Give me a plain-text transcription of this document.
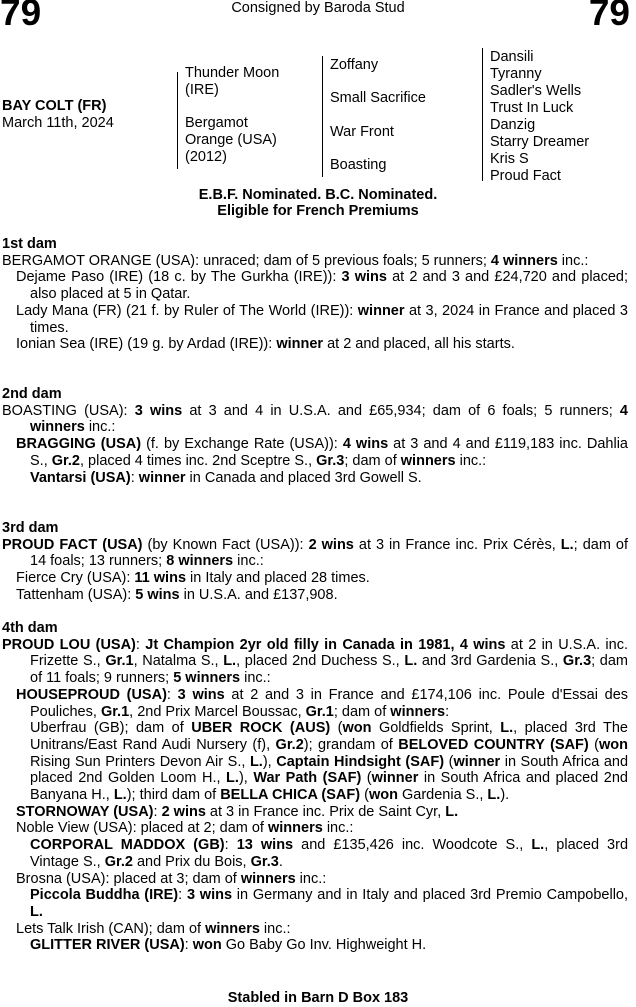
79	79
Consigned by Baroda Stud
BAY COLT (FR)
March 11th, 2024
Thunder Moon
(IRE)
Bergamot
Orange (USA)
(2012)
Zoffany
Small Sacrifice
War Front
Boasting
Dansili
Tyranny
Sadler's Wells
Trust In Luck
Danzig
Starry Dreamer
Kris S
Proud Fact
E.B.F. Nominated. B.C. Nominated.
Eligible for French Premiums
1st dam

BERGAMOT ORANGE (USA): unraced; dam of 5 previous foals; 5 runners; 4 winners inc.:

Dejame Paso (IRE) (18 c. by The Gurkha (IRE)): 3 wins at 2 and 3 and £24,720 and placed; also placed at 5 in Qatar.

Lady Mana (FR) (21 f. by Ruler of The World (IRE)): winner at 3, 2024 in France and placed 3 times.

Ionian Sea (IRE) (19 g. by Ardad (IRE)): winner at 2 and placed, all his starts.

2nd dam

BOASTING (USA): 3 wins at 3 and 4 in U.S.A. and £65,934; dam of 6 foals; 5 runners; 4 winners inc.:

BRAGGING (USA) (f. by Exchange Rate (USA)): 4 wins at 3 and 4 and £119,183 inc. Dahlia S., Gr.2, placed 4 times inc. 2nd Sceptre S., Gr.3; dam of winners inc.:

Vantarsi (USA): winner in Canada and placed 3rd Gowell S.

3rd dam

PROUD FACT (USA) (by Known Fact (USA)): 2 wins at 3 in France inc. Prix Cérès, L.; dam of 14 foals; 13 runners; 8 winners inc.:

Fierce Cry (USA): 11 wins in Italy and placed 28 times.

Tattenham (USA): 5 wins in U.S.A. and £137,908.

4th dam

PROUD LOU (USA): Jt Champion 2yr old filly in Canada in 1981, 4 wins at 2 in U.S.A. inc. Frizette S., Gr.1, Natalma S., L., placed 2nd Duchess S., L. and 3rd Gardenia S., Gr.3; dam of 11 foals; 9 runners; 5 winners inc.:

HOUSEPROUD (USA): 3 wins at 2 and 3 in France and £174,106 inc. Poule d'Essai des Pouliches, Gr.1, 2nd Prix Marcel Boussac, Gr.1; dam of winners:

Uberfrau (GB); dam of UBER ROCK (AUS) (won Goldfields Sprint, L., placed 3rd The Unitrans/East Rand Audi Nursery (f), Gr.2); grandam of BELOVED COUNTRY (SAF) (won Rising Sun Printers Devon Air S., L.), Captain Hindsight (SAF) (winner in South Africa and placed 2nd Golden Loom H., L.), War Path (SAF) (winner in South Africa and placed 2nd Banyana H., L.); third dam of BELLA CHICA (SAF) (won Gardenia S., L.).

STORNOWAY (USA): 2 wins at 3 in France inc. Prix de Saint Cyr, L.

Noble View (USA): placed at 2; dam of winners inc.:

CORPORAL MADDOX (GB): 13 wins and £135,426 inc. Woodcote S., L., placed 3rd Vintage S., Gr.2 and Prix du Bois, Gr.3.

Brosna (USA): placed at 3; dam of winners inc.:

Piccola Buddha (IRE): 3 wins in Germany and in Italy and placed 3rd Premio Campobello, L.

Lets Talk Irish (CAN); dam of winners inc.:

GLITTER RIVER (USA): won Go Baby Go Inv. Highweight H.

Stabled in Barn D Box 183
